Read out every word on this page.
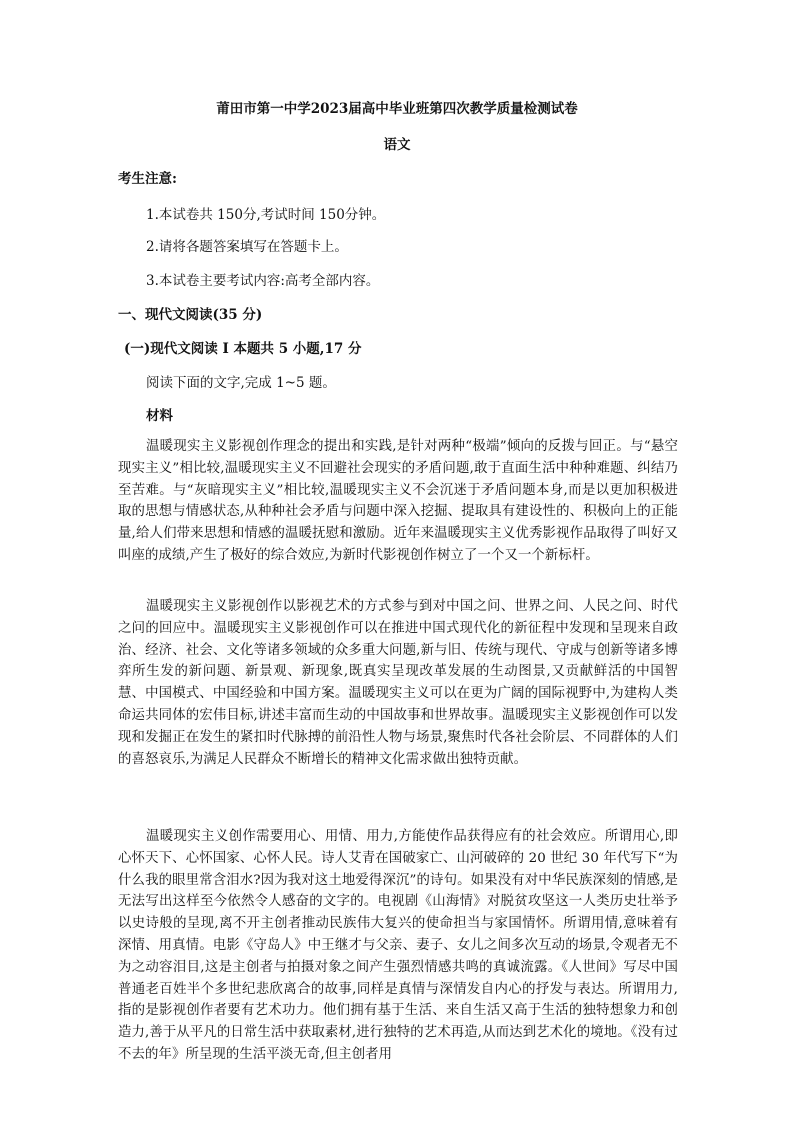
莆田市第一中学2023届高中毕业班第四次教学质量检测试卷
语文
考生注意:
1.本试卷共 150分,考试时间 150分钟。
2.请将各题答案填写在答题卡上。
3.本试卷主要考试内容:高考全部内容。
一、现代文阅读(35 分)
(一)现代文阅读 I 本题共 5 小题,17 分
阅读下面的文字,完成 1~5 题。
材料
温暖现实主义影视创作理念的提出和实践,是针对两种“极端”倾向的反拨与回正。与“悬空现实主义”相比较,温暖现实主义不回避社会现实的矛盾问题,敢于直面生活中种种难题、纠结乃至苦难。与“灰暗现实主义”相比较,温暖现实主义不会沉迷于矛盾问题本身,而是以更加积极进取的思想与情感状态,从种种社会矛盾与问题中深入挖掘、提取具有建设性的、积极向上的正能量,给人们带来思想和情感的温暖抚慰和激励。近年来温暖现实主义优秀影视作品取得了叫好又叫座的成绩,产生了极好的综合效应,为新时代影视创作树立了一个又一个新标杆。
温暖现实主义影视创作以影视艺术的方式参与到对中国之问、世界之问、人民之问、时代之问的回应中。温暖现实主义影视创作可以在推进中国式现代化的新征程中发现和呈现来自政治、经济、社会、文化等诸多领域的众多重大问题,新与旧、传统与现代、守成与创新等诸多博弈所生发的新问题、新景观、新现象,既真实呈现改革发展的生动图景,又贡献鲜活的中国智慧、中国模式、中国经验和中国方案。温暖现实主义可以在更为广阔的国际视野中,为建构人类命运共同体的宏伟目标,讲述丰富而生动的中国故事和世界故事。温暖现实主义影视创作可以发现和发掘正在发生的紧扣时代脉搏的前沿性人物与场景,聚焦时代各社会阶层、不同群体的人们的喜怒哀乐,为满足人民群众不断增长的精神文化需求做出独特贡献。
温暖现实主义创作需要用心、用情、用力,方能使作品获得应有的社会效应。所谓用心,即心怀天下、心怀国家、心怀人民。诗人艾青在国破家亡、山河破碎的 20 世纪 30 年代写下“为什么我的眼里常含泪水?因为我对这土地爱得深沉”的诗句。如果没有对中华民族深刻的情感,是无法写出这样至今依然令人感奋的文字的。电视剧《山海情》对脱贫攻坚这一人类历史壮举予以史诗般的呈现,离不开主创者推动民族伟大复兴的使命担当与家国情怀。所谓用情,意味着有深情、用真情。电影《守岛人》中王继才与父亲、妻子、女儿之间多次互动的场景,令观者无不为之动容泪目,这是主创者与拍摄对象之间产生强烈情感共鸣的真诚流露。《人世间》写尽中国普通老百姓半个多世纪悲欣离合的故事,同样是真情与深情发自内心的抒发与表达。所谓用力,指的是影视创作者要有艺术功力。他们拥有基于生活、来自生活又高于生活的独特想象力和创造力,善于从平凡的日常生活中获取素材,进行独特的艺术再造,从而达到艺术化的境地。《没有过不去的年》所呈现的生活平淡无奇,但主创者用
